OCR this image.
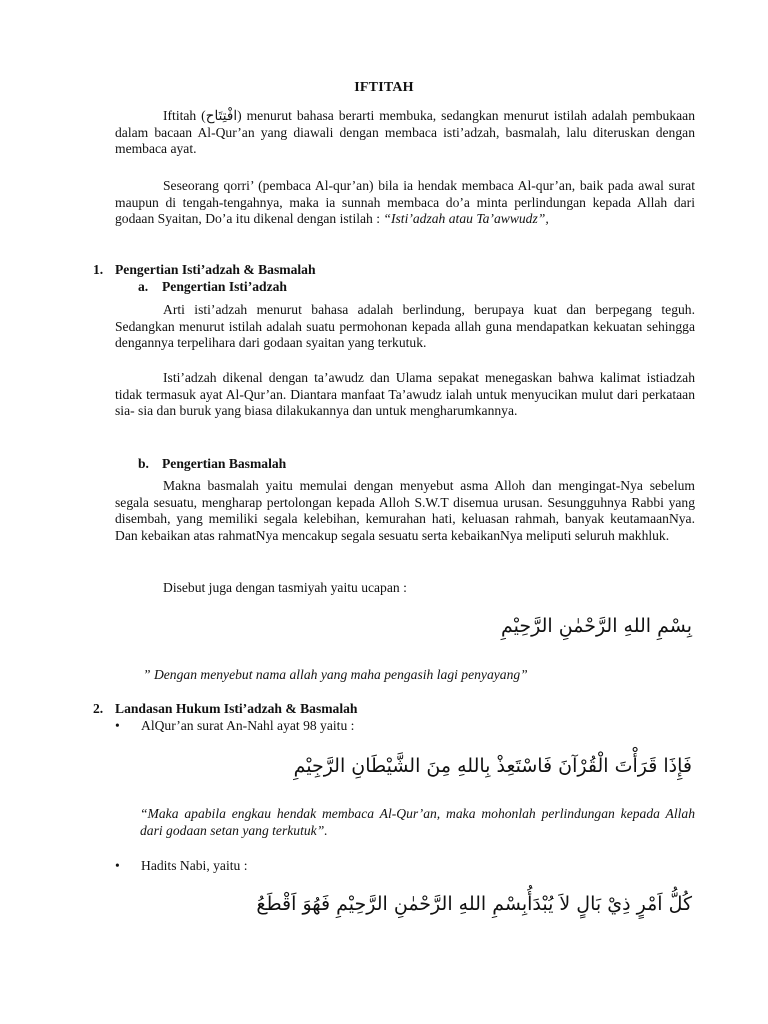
IFTITAH

Iftitah (افْتِتَاح) menurut bahasa berarti membuka, sedangkan menurut istilah adalah pembukaan dalam bacaan Al-Qur’an yang diawali dengan membaca isti’adzah, basmalah, lalu diteruskan dengan membaca ayat.

Seseorang qorri’ (pembaca Al-qur’an) bila ia hendak membaca Al-qur’an, baik pada awal surat maupun di tengah-tengahnya, maka ia sunnah membaca do’a minta perlindungan kepada Allah dari godaan Syaitan, Do’a itu dikenal dengan istilah : “Isti’adzah atau Ta’awwudz”,

1. Pengertian Isti’adzah & Basmalah
a. Pengertian Isti’adzah

Arti isti’adzah menurut bahasa adalah berlindung, berupaya kuat dan berpegang teguh. Sedangkan menurut istilah adalah suatu permohonan kepada allah guna mendapatkan kekuatan sehingga dengannya terpelihara dari godaan syaitan yang terkutuk.

Isti’adzah dikenal dengan ta’awudz dan Ulama sepakat menegaskan bahwa kalimat istiadzah tidak termasuk ayat Al-Qur’an. Diantara manfaat Ta’awudz ialah untuk menyucikan mulut dari perkataan sia- sia dan buruk yang biasa dilakukannya dan untuk mengharumkannya.

b. Pengertian Basmalah

Makna basmalah yaitu memulai dengan menyebut asma Alloh dan mengingat-Nya sebelum segala sesuatu, mengharap pertolongan kepada Alloh S.W.T disemua urusan. Sesungguhnya Rabbi yang disembah, yang memiliki segala kelebihan, kemurahan hati, keluasan rahmah, banyak keutamaanNya. Dan kebaikan atas rahmatNya mencakup segala sesuatu serta kebaikanNya meliputi seluruh makhluk.

Disebut juga dengan tasmiyah yaitu ucapan :
بِسْمِ اللهِ الرَّحْمٰنِ الرَّحِيْمِ
” Dengan menyebut nama allah yang maha pengasih lagi penyayang”
2. Landasan Hukum Isti’adzah & Basmalah
• AlQur’an surat An-Nahl ayat 98 yaitu :
فَإِذَا قَرَأْتَ الْقُرْآنَ فَاسْتَعِذْ بِاللهِ مِنَ الشَّيْطَانِ الرَّجِيْمِ

“Maka apabila engkau hendak membaca Al-Qur’an, maka mohonlah perlindungan kepada Allah dari godaan setan yang terkutuk”.

• Hadits Nabi, yaitu :
كُلُّ اَمْرٍ ذِيْ بَالٍ لاَ يُبْدَأُبِسْمِ اللهِ الرَّحْمٰنِ الرَّحِيْمِ فَهُوَ اَقْطَعُ
